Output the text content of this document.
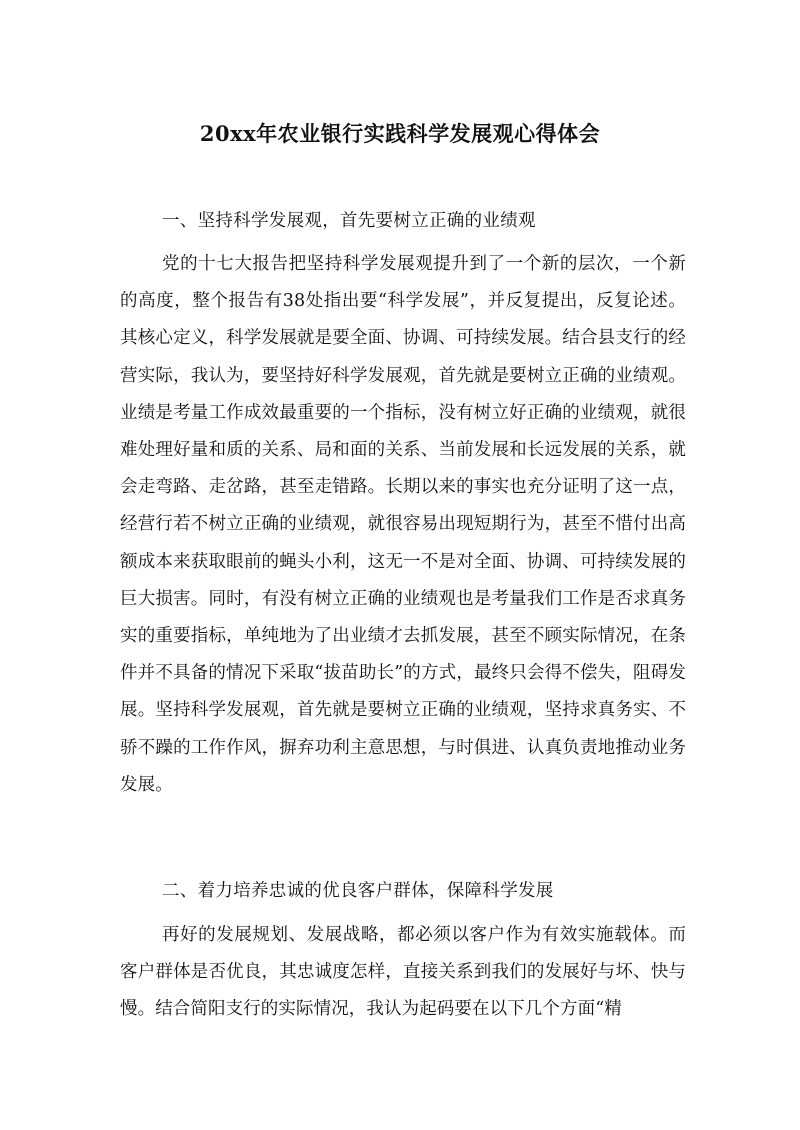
20xx年农业银行实践科学发展观心得体会
一、坚持科学发展观，首先要树立正确的业绩观

党的十七大报告把坚持科学发展观提升到了一个新的层次，一个新的高度，整个报告有38处指出要“科学发展”，并反复提出，反复论述。其核心定义，科学发展就是要全面、协调、可持续发展。结合县支行的经营实际，我认为，要坚持好科学发展观，首先就是要树立正确的业绩观。业绩是考量工作成效最重要的一个指标，没有树立好正确的业绩观，就很难处理好量和质的关系、局和面的关系、当前发展和长远发展的关系，就会走弯路、走岔路，甚至走错路。长期以来的事实也充分证明了这一点，经营行若不树立正确的业绩观，就很容易出现短期行为，甚至不惜付出高额成本来获取眼前的蝇头小利，这无一不是对全面、协调、可持续发展的巨大损害。同时，有没有树立正确的业绩观也是考量我们工作是否求真务实的重要指标，单纯地为了出业绩才去抓发展，甚至不顾实际情况，在条件并不具备的情况下采取“拔苗助长”的方式，最终只会得不偿失，阻碍发展。坚持科学发展观，首先就是要树立正确的业绩观，坚持求真务实、不骄不躁的工作作风，摒弃功利主意思想，与时俱进、认真负责地推动业务发展。

二、着力培养忠诚的优良客户群体，保障科学发展

再好的发展规划、发展战略，都必须以客户作为有效实施载体。而客户群体是否优良，其忠诚度怎样，直接关系到我们的发展好与坏、快与慢。结合简阳支行的实际情况，我认为起码要在以下几个方面“精
